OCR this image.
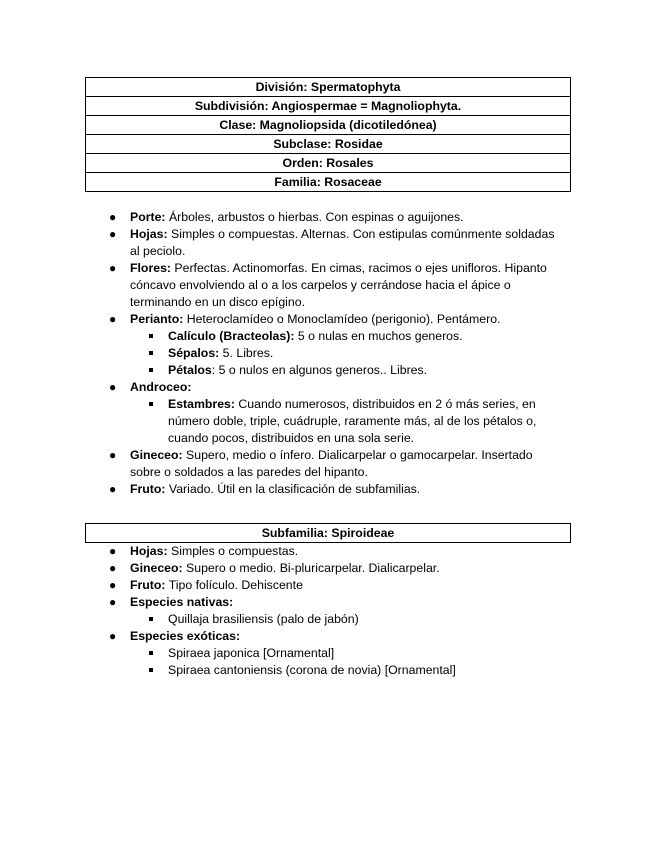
División: Spermatophyta
Subdivisión: Angiospermae = Magnoliophyta.
Clase: Magnoliopsida (dicotiledónea)
Subclase: Rosidae
Orden: Rosales
Familia: Rosaceae
● Porte: Árboles, arbustos o hierbas. Con espinas o aguijones.
● Hojas: Simples o compuestas. Alternas. Con estipulas comúnmente soldadas al peciolo.
● Flores: Perfectas. Actinomorfas. En cimas, racimos o ejes unifloros. Hipanto cóncavo envolviendo al o a los carpelos y cerrándose hacia el ápice o terminando en un disco epígino.
● Perianto: Heteroclamídeo o Monoclamídeo (perigonio). Pentámero.
Calículo (Bracteolas): 5 o nulas en muchos generos.
Sépalos: 5. Libres.
Pétalos: 5 o nulos en algunos generos.. Libres.
● Androceo:
Estambres: Cuando numerosos, distribuidos en 2 ó más series, en número doble, triple, cuádruple, raramente más, al de los pétalos o, cuando pocos, distribuidos en una sola serie.
● Gineceo: Supero, medio o ínfero. Dialicarpelar o gamocarpelar. Insertado sobre o soldados a las paredes del hipanto.
● Fruto: Variado. Útil en la clasificación de subfamilias.
Subfamilia: Spiroideae
● Hojas: Simples o compuestas.
● Gineceo: Supero o medio. Bi-pluricarpelar. Dialicarpelar.
● Fruto: Tipo folículo. Dehiscente
● Especies nativas:
Quillaja brasiliensis (palo de jabón)
● Especies exóticas:
Spiraea japonica [Ornamental]
Spiraea cantoniensis (corona de novia) [Ornamental]
